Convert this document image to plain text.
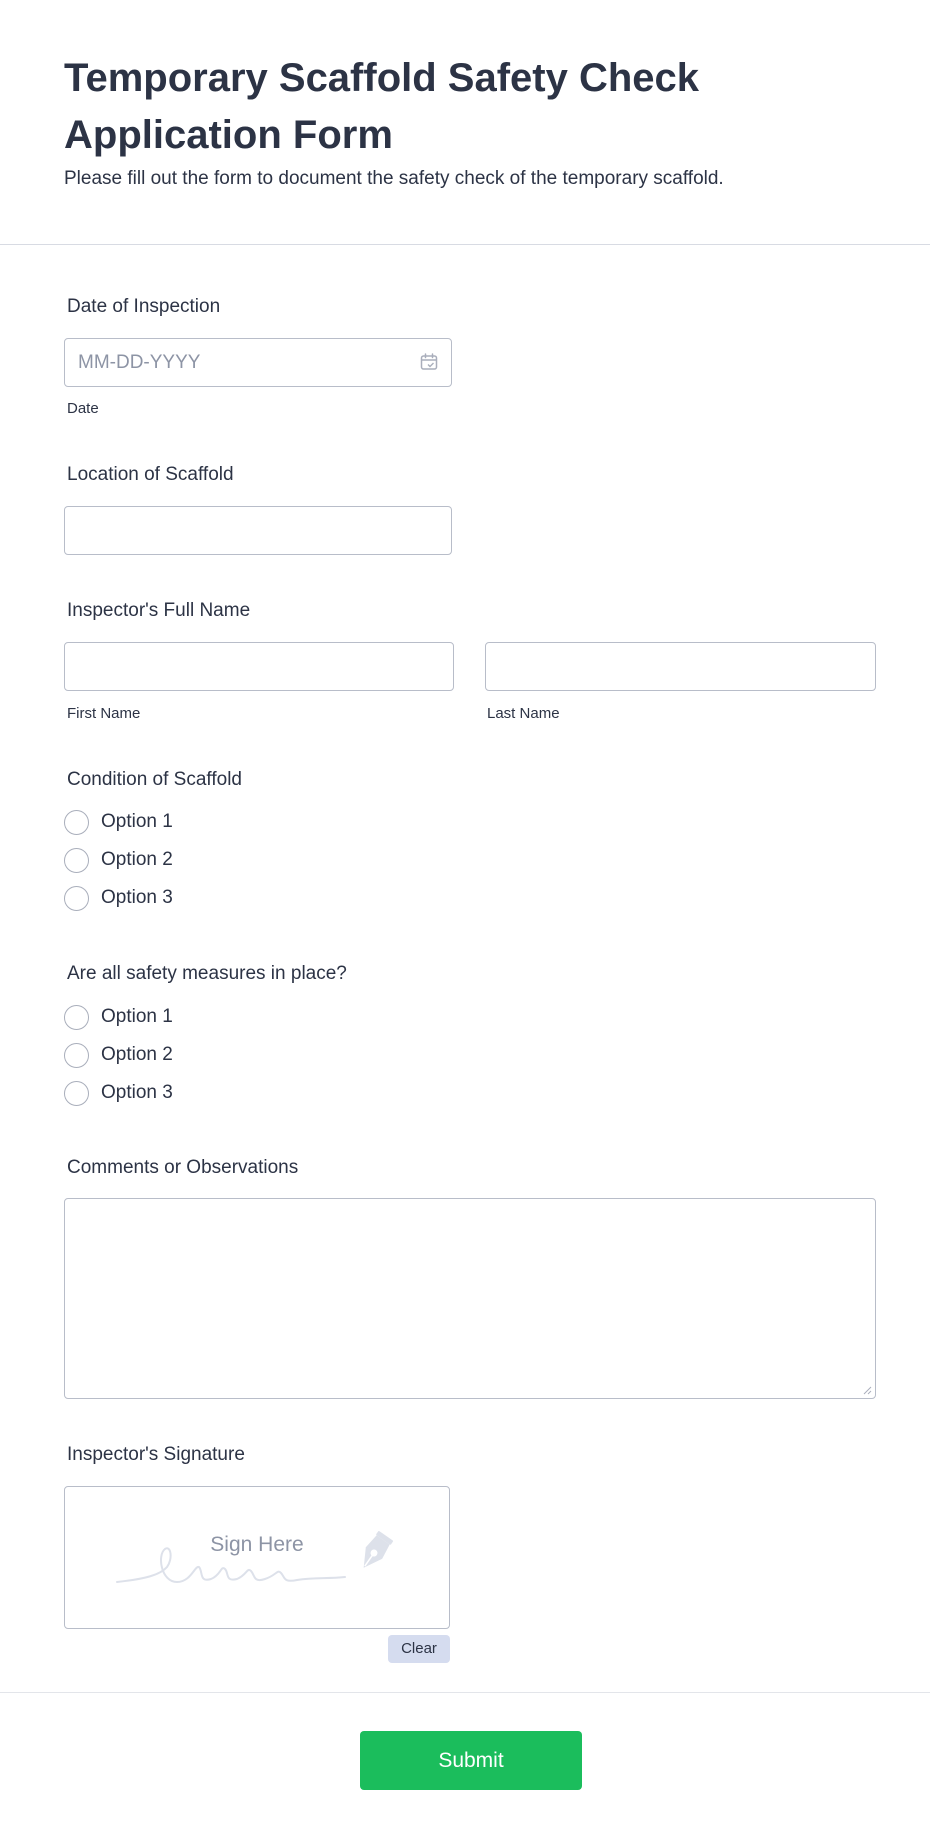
Temporary Scaffold Safety Check Application Form
Please fill out the form to document the safety check of the temporary scaffold.
Date of Inspection
MM-DD-YYYY
Date
Location of Scaffold
Inspector's Full Name
First Name	Last Name
Condition of Scaffold
Option 1
Option 2
Option 3
Are all safety measures in place?
Option 1
Option 2
Option 3
Comments or Observations
Inspector's Signature
Sign Here
Clear
Submit
